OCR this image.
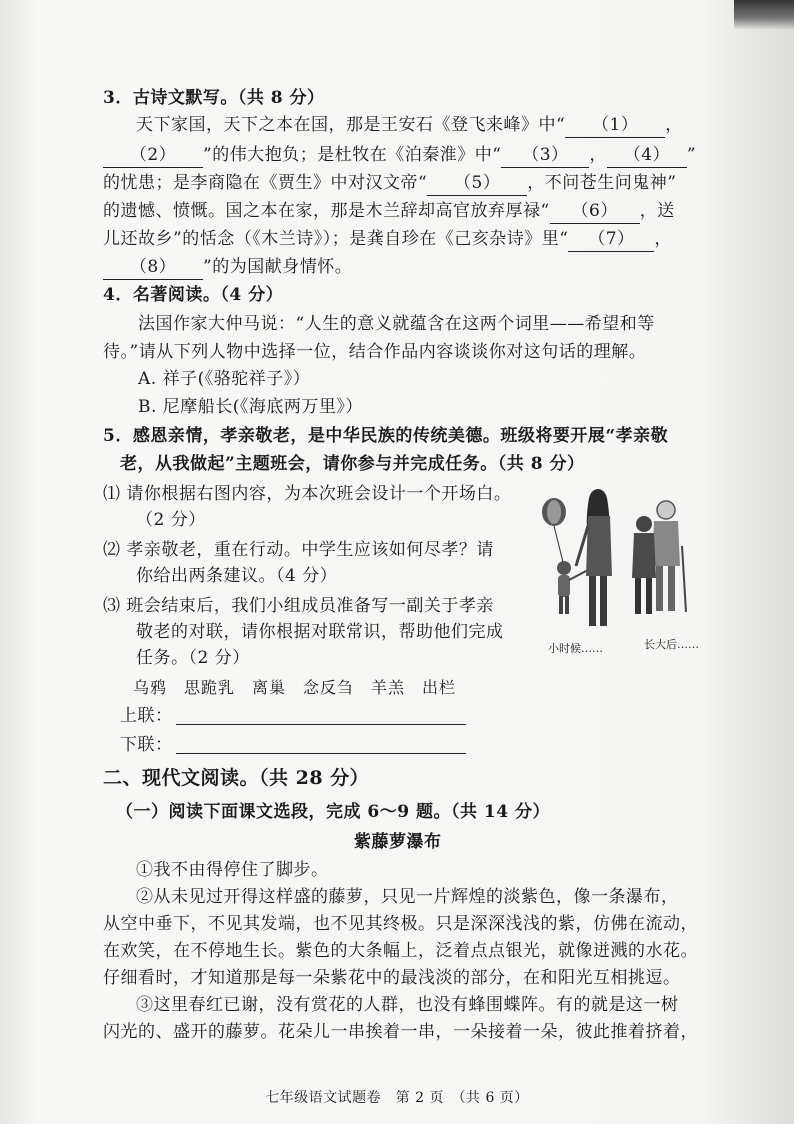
3．古诗文默写。（共 8 分）
天下家国，天下之本在国，那是王安石《登飞来峰》中“ （1） ，
（2） ”的伟大抱负；是杜牧在《泊秦淮》中“ （3） ， （4） ”
的忧患；是李商隐在《贾生》中对汉文帝“ （5） ，不问苍生问鬼神”
的遗憾、愤慨。国之本在家，那是木兰辞却高官放弃厚禄“ （6） ，送
儿还故乡”的恬念（《木兰诗》）；是龚自珍在《己亥杂诗》里“ （7） ，
（8） ”的为国献身情怀。
4．名著阅读。（4 分）
法国作家大仲马说：“人生的意义就蕴含在这两个词里——希望和等
待。”请从下列人物中选择一位，结合作品内容谈谈你对这句话的理解。
A. 祥子(《骆驼祥子》）
B. 尼摩船长(《海底两万里》）
5．感恩亲情，孝亲敬老，是中华民族的传统美德。班级将要开展“孝亲敬
老，从我做起”主题班会，请你参与并完成任务。（共 8 分）
⑴ 请你根据右图内容，为本次班会设计一个开场白。
（2 分）
⑵ 孝亲敬老，重在行动。中学生应该如何尽孝？请
你给出两条建议。（4 分）
⑶ 班会结束后，我们小组成员准备写一副关于孝亲
敬老的对联，请你根据对联常识，帮助他们完成
任务。（2 分）
乌鸦　思跪乳　离巢　念反刍　羊羔　出栏
上联：
下联：
小时候……	长大后……
二、现代文阅读。（共 28 分）
（一）阅读下面课文选段，完成 6～9 题。（共 14 分）
紫藤萝瀑布
①我不由得停住了脚步。
②从未见过开得这样盛的藤萝，只见一片辉煌的淡紫色，像一条瀑布，
从空中垂下，不见其发端，也不见其终极。只是深深浅浅的紫，仿佛在流动，
在欢笑，在不停地生长。紫色的大条幅上，泛着点点银光，就像迸溅的水花。
仔细看时，才知道那是每一朵紫花中的最浅淡的部分，在和阳光互相挑逗。
③这里春红已谢，没有赏花的人群，也没有蜂围蝶阵。有的就是这一树
闪光的、盛开的藤萝。花朵儿一串挨着一串，一朵接着一朵，彼此推着挤着，
七年级语文试题卷　第 2 页　（共 6 页）
